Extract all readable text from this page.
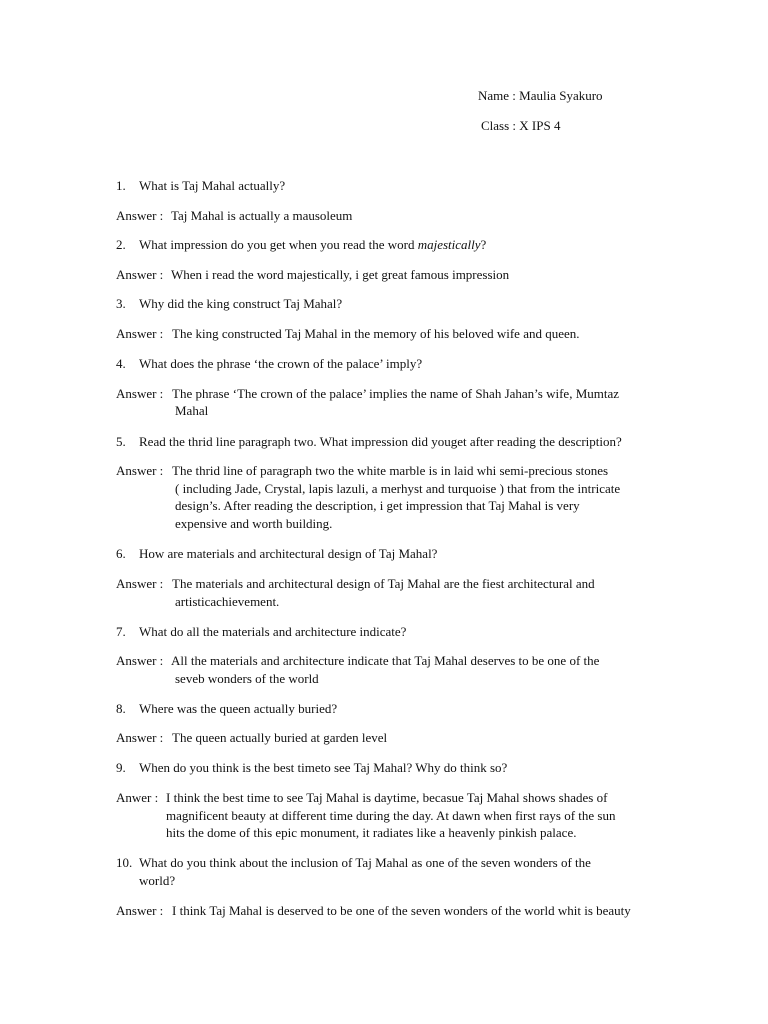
Name : Maulia Syakuro
Class : X IPS 4
1. What is Taj Mahal actually?
Answer : Taj Mahal is actually a mausoleum
2. What impression do you get when you read the word majestically?
Answer : When i read the word majestically, i get great famous impression
3. Why did the king construct Taj Mahal?
Answer : The king constructed Taj Mahal in the memory of his beloved wife and queen.
4. What does the phrase ‘the crown of the palace’ imply?
Answer : The phrase ‘The crown of the palace’ implies the name of Shah Jahan’s wife, Mumtaz
Mahal
5. Read the thrid line paragraph two. What impression did youget after reading the description?
Answer : The thrid line of paragraph two the white marble is in laid whi semi-precious stones
( including Jade, Crystal, lapis lazuli, a merhyst and turquoise ) that from the intricate
design’s. After reading the description, i get impression that Taj Mahal is very
expensive and worth building.
6. How are materials and architectural design of Taj Mahal?
Answer : The materials and architectural design of Taj Mahal are the fiest architectural and
artisticachievement.
7. What do all the materials and architecture indicate?
Answer : All the materials and architecture indicate that Taj Mahal deserves to be one of the
seveb wonders of the world
8. Where was the queen actually buried?
Answer : The queen actually buried at garden level
9. When do you think is the best timeto see Taj Mahal? Why do think so?
Anwer : I think the best time to see Taj Mahal is daytime, becasue Taj Mahal shows shades of
magnificent beauty at different time during the day. At dawn when first rays of the sun
hits the dome of this epic monument, it radiates like a heavenly pinkish palace.
10. What do you think about the inclusion of Taj Mahal as one of the seven wonders of the
world?
Answer : I think Taj Mahal is deserved to be one of the seven wonders of the world whit is beauty
